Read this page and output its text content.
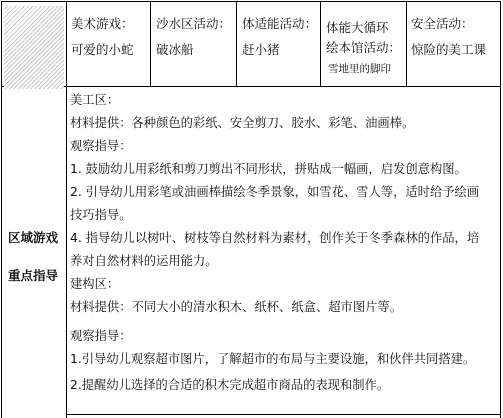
美术游戏：
可爱的小蛇
沙水区活动：
破冰船
体适能活动：
赶小猪
体能大循环
绘本馆活动：
雪地里的脚印
安全活动：
惊险的美工课
区域游戏
重点指导
美工区：
材料提供：各种颜色的彩纸、安全剪刀、胶水、彩笔、油画棒。
观察指导：
1. 鼓励幼儿用彩纸和剪刀剪出不同形状，拼贴成一幅画，启发创意构图。
2. 引导幼儿用彩笔或油画棒描绘冬季景象，如雪花、雪人等，适时给予绘画
技巧指导。
4. 指导幼儿以树叶、树枝等自然材料为素材，创作关于冬季森林的作品，培
养对自然材料的运用能力。
建构区：
材料提供：不同大小的清水积木、纸杯、纸盒、超市图片等。
观察指导：
1.引导幼儿观察超市图片，了解超市的布局与主要设施，和伙伴共同搭建。
2.提醒幼儿选择的合适的积木完成超市商品的表现和制作。
